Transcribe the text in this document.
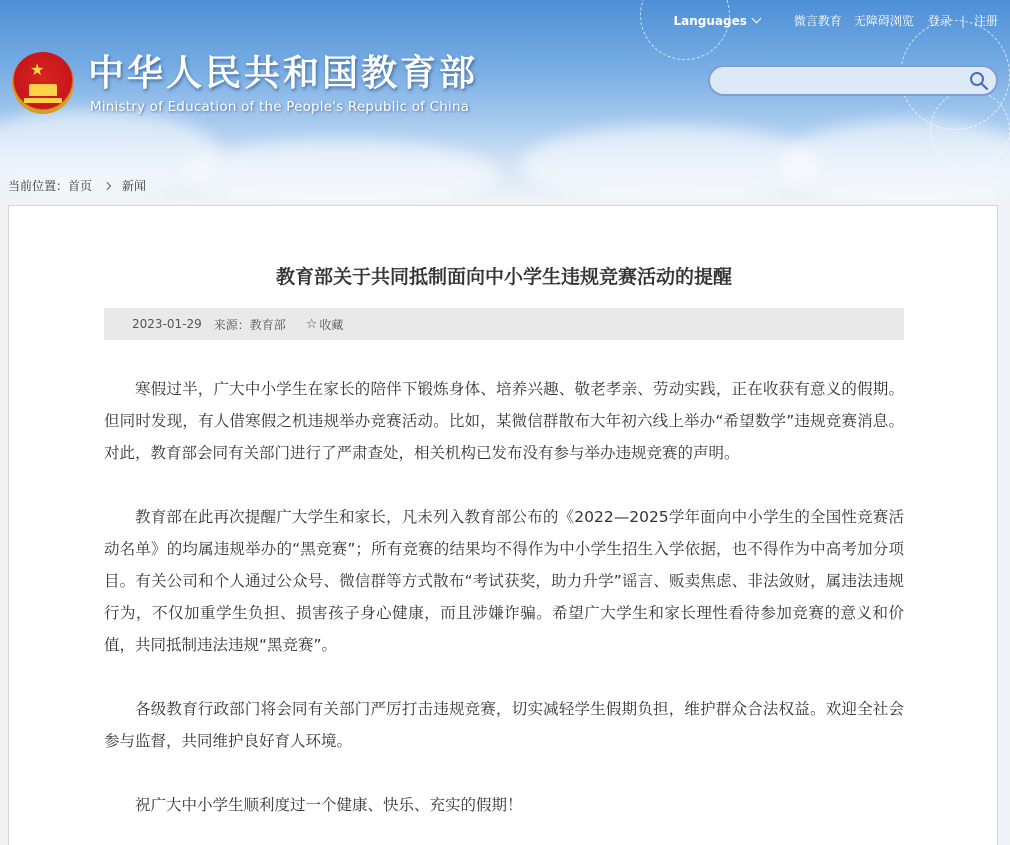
Languages	微言教育 无障碍浏览 登录 | 注册
★ 中华人民共和国教育部
Ministry of Education of the People's Republic of China
当前位置： 首页	新闻
教育部关于共同抵制面向中小学生违规竞赛活动的提醒
2023-01-29 来源：教育部 ☆ 收藏

寒假过半，广大中小学生在家长的陪伴下锻炼身体、培养兴趣、敬老孝亲、劳动实践，正在收获有意义的假期。但同时发现，有人借寒假之机违规举办竞赛活动。比如，某微信群散布大年初六线上举办“希望数学”违规竞赛消息。对此，教育部会同有关部门进行了严肃查处，相关机构已发布没有参与举办违规竞赛的声明。

教育部在此再次提醒广大学生和家长，凡未列入教育部公布的《2022—2025学年面向中小学生的全国性竞赛活动名单》的均属违规举办的“黑竞赛”；所有竞赛的结果均不得作为中小学生招生入学依据，也不得作为中高考加分项目。有关公司和个人通过公众号、微信群等方式散布“考试获奖，助力升学”谣言、贩卖焦虑、非法敛财，属违法违规行为，不仅加重学生负担、损害孩子身心健康，而且涉嫌诈骗。希望广大学生和家长理性看待参加竞赛的意义和价值，共同抵制违法违规“黑竞赛”。

各级教育行政部门将会同有关部门严厉打击违规竞赛，切实减轻学生假期负担，维护群众合法权益。欢迎全社会参与监督，共同维护良好育人环境。

祝广大中小学生顺利度过一个健康、快乐、充实的假期！
